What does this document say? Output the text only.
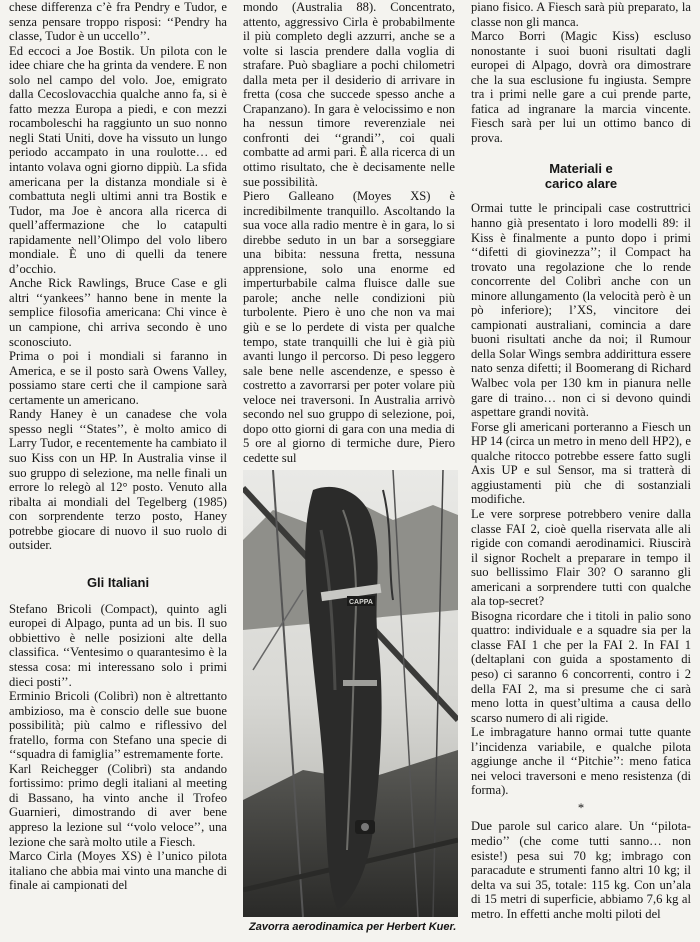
chese differenza c’è fra Pendry e Tudor, e senza pensare troppo risposi: ‘‘Pendry ha classe, Tudor è un uccello’’.

Ed eccoci a Joe Bostik. Un pilota con le idee chiare che ha grinta da vendere. E non solo nel campo del volo. Joe, emigrato dalla Cecoslovacchia qualche anno fa, si è fatto mezza Europa a piedi, e con mezzi rocamboleschi ha raggiunto un suo nonno negli Stati Uniti, dove ha vissuto un lungo periodo accampato in una roulotte… ed intanto volava ogni giorno dippiù. La sfida americana per la distanza mondiale si è combattuta negli ultimi anni tra Bostik e Tudor, ma Joe è ancora alla ricerca di quell’affermazione che lo catapulti rapidamente nell’Olimpo del volo libero mondiale. È uno di quelli da tenere d’occhio.

Anche Rick Rawlings, Bruce Case e gli altri ‘‘yankees’’ hanno bene in mente la semplice filosofia americana: Chi vince è un campione, chi arriva secondo è uno sconosciuto.

Prima o poi i mondiali si faranno in America, e se il posto sarà Owens Valley, possiamo stare certi che il campione sarà certamente un americano.

Randy Haney è un canadese che vola spesso negli ‘‘States’’, è molto amico di Larry Tudor, e recentemente ha cambiato il suo Kiss con un HP. In Australia vinse il suo gruppo di selezione, ma nelle finali un errore lo relegò al 12° posto. Venuto alla ribalta ai mondiali del Tegelberg (1985) con sorprendente terzo posto, Haney potrebbe giocare di nuovo il suo ruolo di outsider.

Gli Italiani

Stefano Bricoli (Compact), quinto agli europei di Alpago, punta ad un bis. Il suo obbiettivo è nelle posizioni alte della classifica. ‘‘Ventesimo o quarantesimo è la stessa cosa: mi interessano solo i primi dieci posti’’.

Erminio Bricoli (Colibrì) non è altrettanto ambizioso, ma è conscio delle sue buone possibilità; più calmo e riflessivo del fratello, forma con Stefano una specie di ‘‘squadra di famiglia’’ estremamente forte.

Karl Reichegger (Colibrì) sta andando fortissimo: primo degli italiani al meeting di Bassano, ha vinto anche il Trofeo Guarnieri, dimostrando di aver bene appreso la lezione sul ‘‘volo veloce’’, una lezione che sarà molto utile a Fiesch.

Marco Cirla (Moyes XS) è l’unico pilota italiano che abbia mai vinto una manche di finale ai campionati del

mondo (Australia 88). Concentrato, attento, aggressivo Cirla è probabilmente il più completo degli azzurri, anche se a volte si lascia prendere dalla voglia di strafare. Può sbagliare a pochi chilometri dalla meta per il desiderio di arrivare in fretta (cosa che succede spesso anche a Crapanzano). In gara è velocissimo e non ha nessun timore reverenziale nei confronti dei ‘‘grandi’’, coi quali combatte ad armi pari. È alla ricerca di un ottimo risultato, che è decisamente nelle sue possibilità.

Piero Galleano (Moyes XS) è incredibilmente tranquillo. Ascoltando la sua voce alla radio mentre è in gara, lo si direbbe seduto in un bar a sorseggiare una bibita: nessuna fretta, nessuna apprensione, solo una enorme ed imperturbabile calma fluisce dalle sue parole; anche nelle condizioni più turbolente. Piero è uno che non va mai giù e se lo perdete di vista per qualche tempo, state tranquilli che lui è già più avanti lungo il percorso. Di peso leggero sale bene nelle ascendenze, e spesso è costretto a zavorrarsi per poter volare più veloce nei traversoni. In Australia arrivò secondo nel suo gruppo di selezione, poi, dopo otto giorni di gara con una media di 5 ore al giorno di termiche dure, Piero cedette sul

CAPPA
Zavorra aerodinamica per Herbert Kuer.

piano fisico. A Fiesch sarà più preparato, la classe non gli manca.

Marco Borri (Magic Kiss) escluso nonostante i suoi buoni risultati dagli europei di Alpago, dovrà ora dimostrare che la sua esclusione fu ingiusta. Sempre tra i primi nelle gare a cui prende parte, fatica ad ingranare la marcia vincente. Fiesch sarà per lui un ottimo banco di prova.

Materiali e
carico alare

Ormai tutte le principali case costruttrici hanno già presentato i loro modelli 89: il Kiss è finalmente a punto dopo i primi ‘‘difetti di giovinezza’’; il Compact ha trovato una regolazione che lo rende concorrente del Colibrì anche con un minore allungamento (la velocità però è un pò inferiore); l’XS, vincitore dei campionati australiani, comincia a dare buoni risultati anche da noi; il Rumour della Solar Wings sembra addirittura essere nato senza difetti; il Boomerang di Richard Walbec vola per 130 km in pianura nelle gare di traino… non ci si devono quindi aspettare grandi novità.

Forse gli americani porteranno a Fiesch un HP 14 (circa un metro in meno dell HP2), e qualche ritocco potrebbe essere fatto sugli Axis UP e sul Sensor, ma si tratterà di aggiustamenti più che di sostanziali modifiche.

Le vere sorprese potrebbero venire dalla classe FAI 2, cioè quella riservata alle ali rigide con comandi aerodinamici. Riuscirà il signor Rochelt a preparare in tempo il suo bellissimo Flair 30? O saranno gli americani a sorprendere tutti con qualche ala top-secret?

Bisogna ricordare che i titoli in palio sono quattro: individuale e a squadre sia per la classe FAI 1 che per la FAI 2. In FAI 1 (deltaplani con guida a spostamento di peso) ci saranno 6 concorrenti, contro i 2 della FAI 2, ma si presume che ci sarà meno lotta in quest’ultima a causa dello scarso numero di ali rigide.

Le imbragature hanno ormai tutte quante l’incidenza variabile, e qualche pilota aggiunge anche il ‘‘Pitchie’’: meno fatica nei veloci traversoni e meno resistenza (di forma).

*

Due parole sul carico alare. Un ‘‘pilota-medio’’ (che come tutti sanno… non esiste!) pesa sui 70 kg; imbrago con paracadute e strumenti fanno altri 10 kg; il delta va sui 35, totale: 115 kg. Con un’ala di 15 metri di superficie, abbiamo 7,6 kg al metro. In effetti anche molti piloti del
